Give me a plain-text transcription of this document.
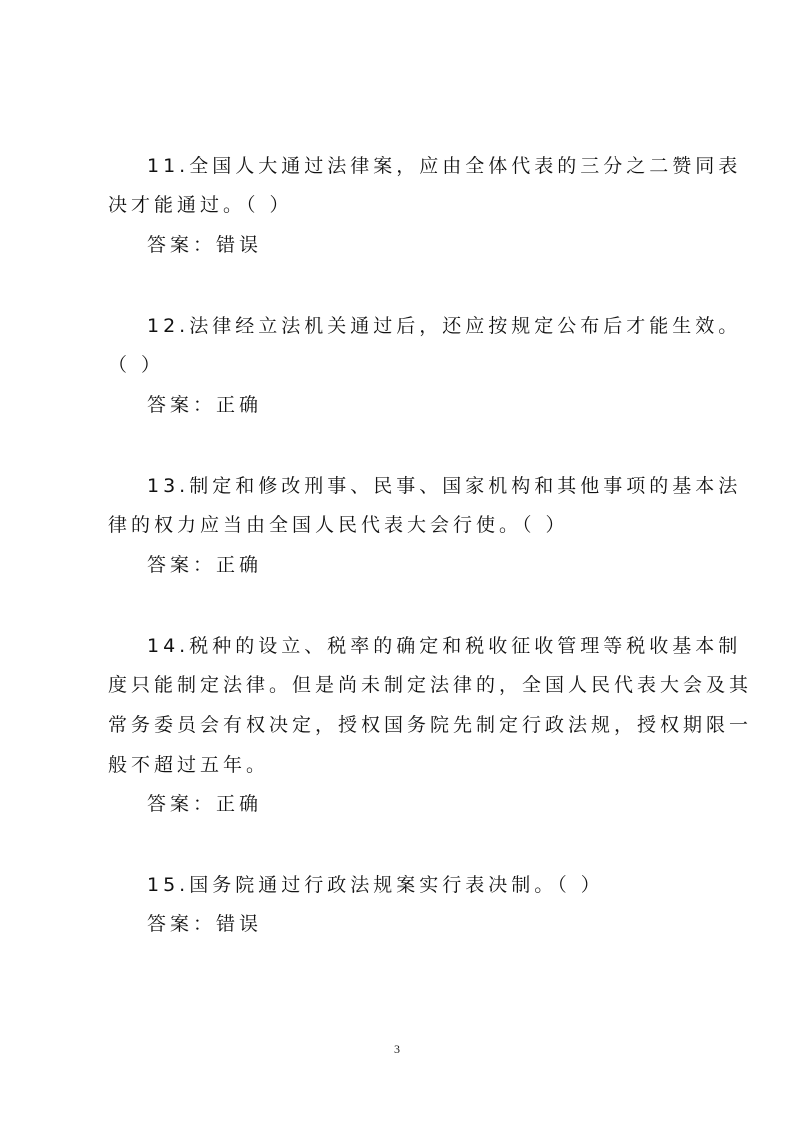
11.全国人大通过法律案，应由全体代表的三分之二赞同表
决才能通过。（ ）
答案：错误
12.法律经立法机关通过后，还应按规定公布后才能生效。
（ ）
答案：正确
13.制定和修改刑事、民事、国家机构和其他事项的基本法
律的权力应当由全国人民代表大会行使。（ ）
答案：正确
14.税种的设立、税率的确定和税收征收管理等税收基本制
度只能制定法律。但是尚未制定法律的，全国人民代表大会及其
常务委员会有权决定，授权国务院先制定行政法规，授权期限一
般不超过五年。
答案：正确
15.国务院通过行政法规案实行表决制。（ ）
答案：错误
3
